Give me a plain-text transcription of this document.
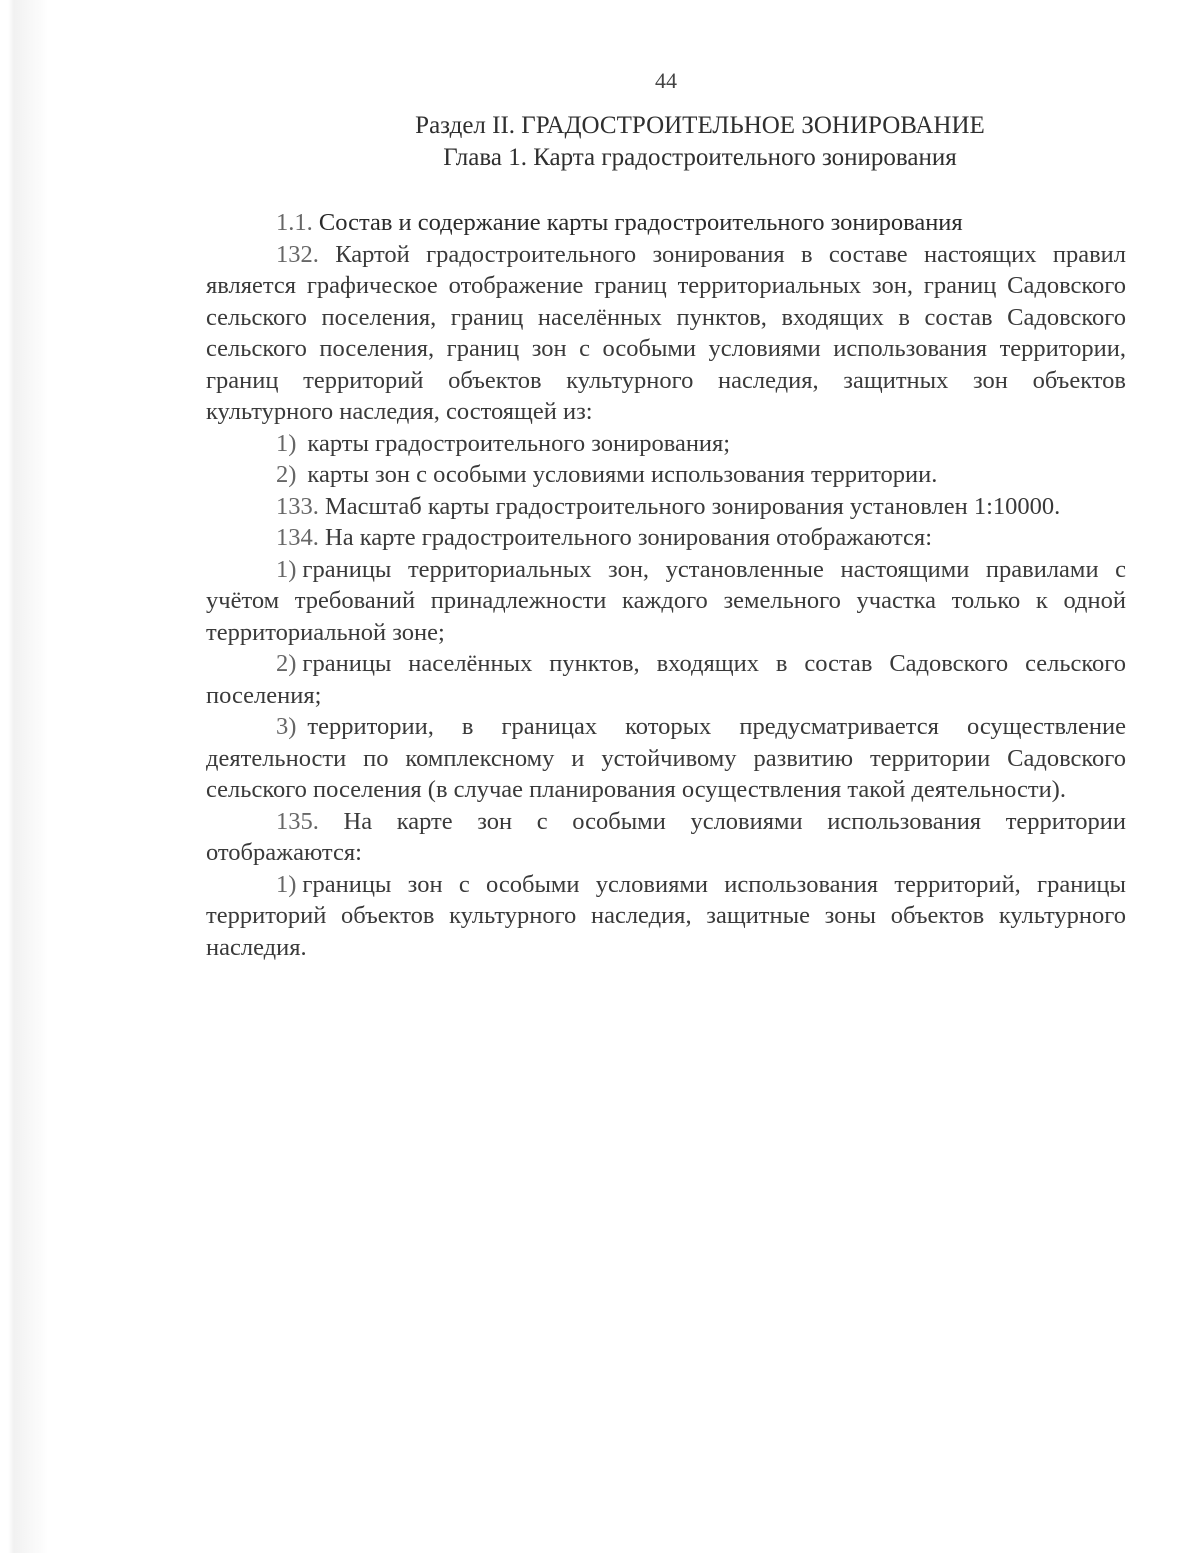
44
Раздел II. ГРАДОСТРОИТЕЛЬНОЕ ЗОНИРОВАНИЕ
Глава 1. Карта градостроительного зонирования

1.1. Состав и содержание карты градостроительного зонирования

132. Картой градостроительного зонирования в составе настоящих правил является графическое отображение границ территориальных зон, границ Садовского сельского поселения, границ населённых пунктов, входящих в состав Садовского сельского поселения, границ зон с особыми условиями использования территории, границ территорий объектов культурного наследия, защитных зон объектов культурного наследия, состоящей из:

1) карты градостроительного зонирования;

2) карты зон с особыми условиями использования территории.

133. Масштаб карты градостроительного зонирования установлен 1:10000.

134. На карте градостроительного зонирования отображаются:

1) границы территориальных зон, установленные настоящими правилами с учётом требований принадлежности каждого земельного участка только к одной территориальной зоне;

2) границы населённых пунктов, входящих в состав Садовского сельского поселения;

3) территории, в границах которых предусматривается осуществление деятельности по комплексному и устойчивому развитию территории Садовского сельского поселения (в случае планирования осуществления такой деятельности).

135. На карте зон с особыми условиями использования территории отображаются:

1) границы зон с особыми условиями использования территорий, границы территорий объектов культурного наследия, защитные зоны объектов культурного наследия.
